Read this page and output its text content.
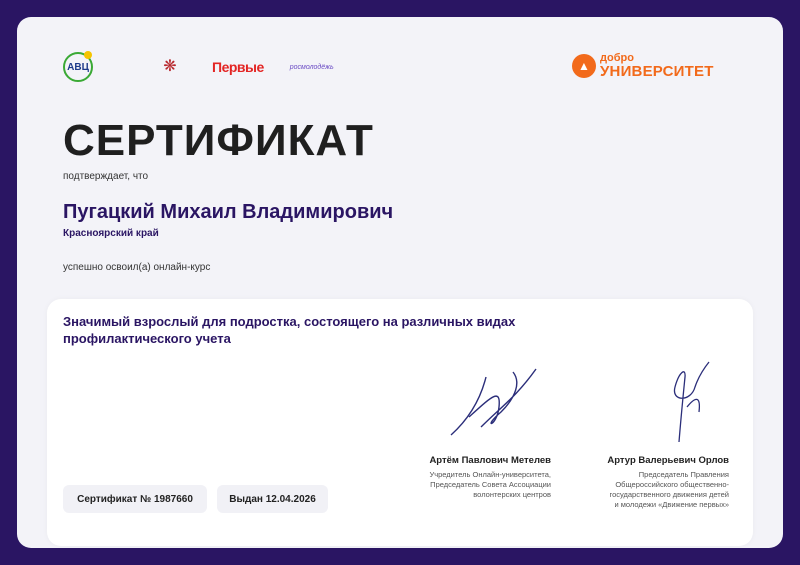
АВЦ	❋	Первые	росмолодёжь	▲
добро
УНИВЕРСИТЕТ
СЕРТИФИКАТ
подтверждает, что
Пугацкий Михаил Владимирович
Красноярский край
успешно освоил(а) онлайн-курс
Значимый взрослый для подростка, состоящего на различных видах профилактического учета
Артём Павлович Метелев
Учредитель Онлайн-университета,
Председатель Совета Ассоциации
волонтерских центров
Артур Валерьевич Орлов
Председатель Правления
Общероссийского общественно-
государственного движения детей
и молодежи «Движение первых»
Сертификат № 1987660	Выдан 12.04.2026
